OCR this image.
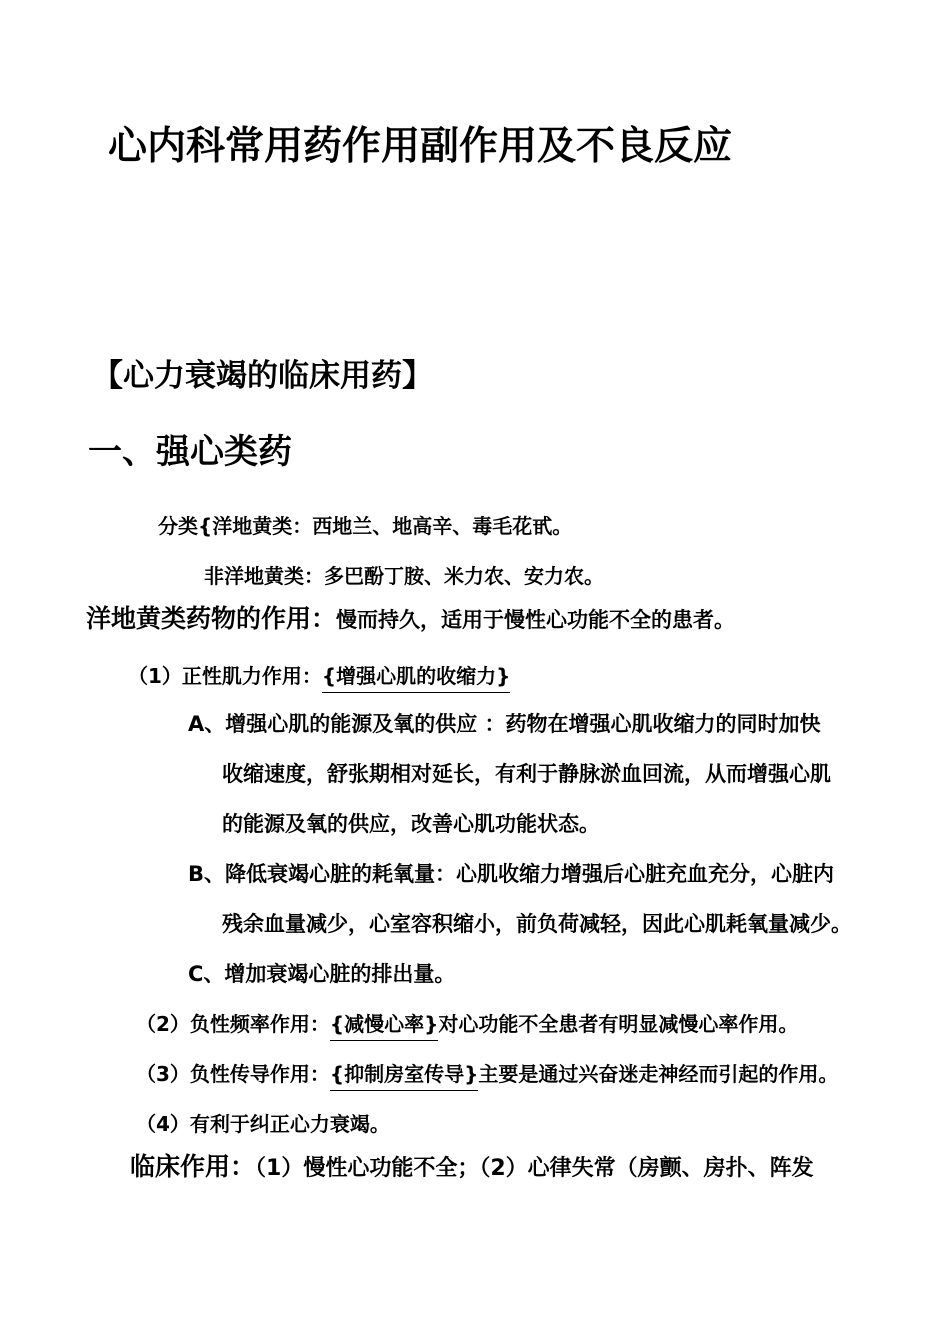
心内科常用药作用副作用及不良反应
【心力衰竭的临床用药】
一、强心类药
分类{洋地黄类：西地兰、地高辛、毒毛花甙。
非洋地黄类：多巴酚丁胺、米力农、安力农。
洋地黄类药物的作用：慢而持久，适用于慢性心功能不全的患者。
（1）正性肌力作用：{增强心肌的收缩力}
A、增强心肌的能源及氧的供应 ：药物在增强心肌收缩力的同时加快
收缩速度，舒张期相对延长，有利于静脉淤血回流，从而增强心肌
的能源及氧的供应，改善心肌功能状态。
B、降低衰竭心脏的耗氧量：心肌收缩力增强后心脏充血充分，心脏内
残余血量减少，心室容积缩小，前负荷减轻，因此心肌耗氧量减少。
C、增加衰竭心脏的排出量。
（2）负性频率作用：{减慢心率}对心功能不全患者有明显减慢心率作用。
（3）负性传导作用：{抑制房室传导}主要是通过兴奋迷走神经而引起的作用。
（4）有利于纠正心力衰竭。
临床作用：（1）慢性心功能不全；（2）心律失常（房颤、房扑、阵发
